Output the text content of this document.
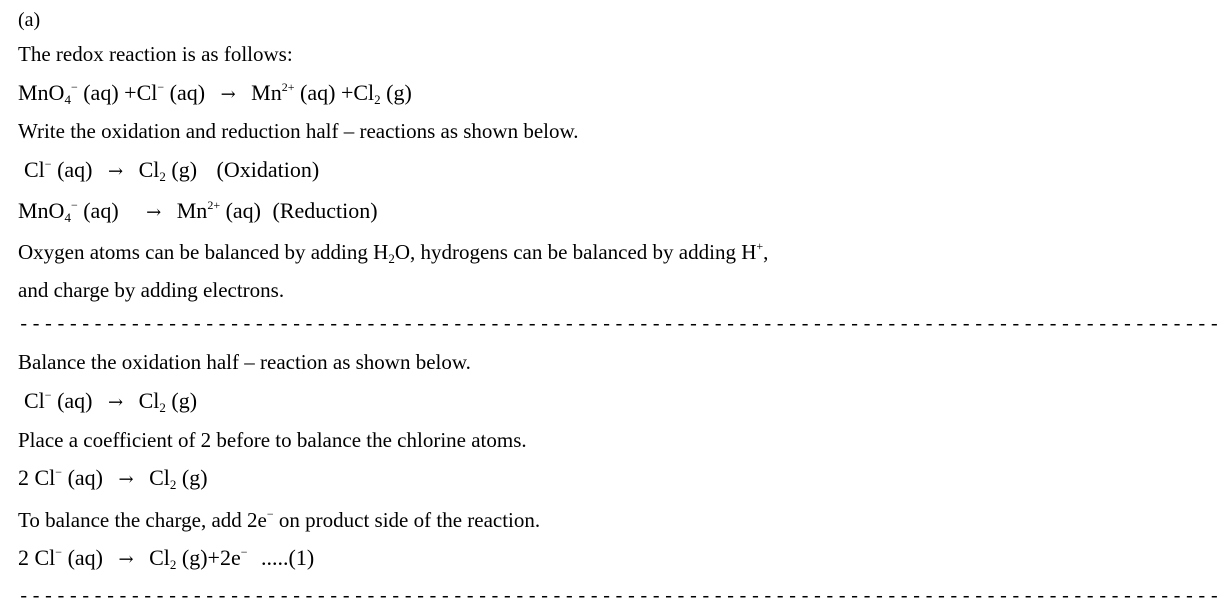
(a)
The redox reaction is as follows:
MnO$_4$− (aq) +Cl− $(aq) \to Mn^{2+}$ $(aq) +Cl_2$ (g)
Write the oxidation and reduction half – reactions as shown below.
Cl− $(aq) \to Cl_2$ (g) (Oxidation)
MnO$_4$− $(aq) \to Mn^{2+}$ (aq) (Reduction)
Oxygen atoms can be balanced by adding $H_2O$, hydrogens can be balanced by adding H+,
and charge by adding electrons.
-------------------------------------------------------------------------------------------------
Balance the oxidation half – reaction as shown below.
Cl− $(aq) \to Cl_2$ (g)
Place a coefficient of 2 before to balance the chlorine atoms.
2 Cl− $(aq) \to Cl_2$ (g)
To balance the charge, add 2e− on product side of the reaction.
2 Cl− $(aq) \to Cl_2$ (g)+2e− .....(1)
-------------------------------------------------------------------------------------------------
